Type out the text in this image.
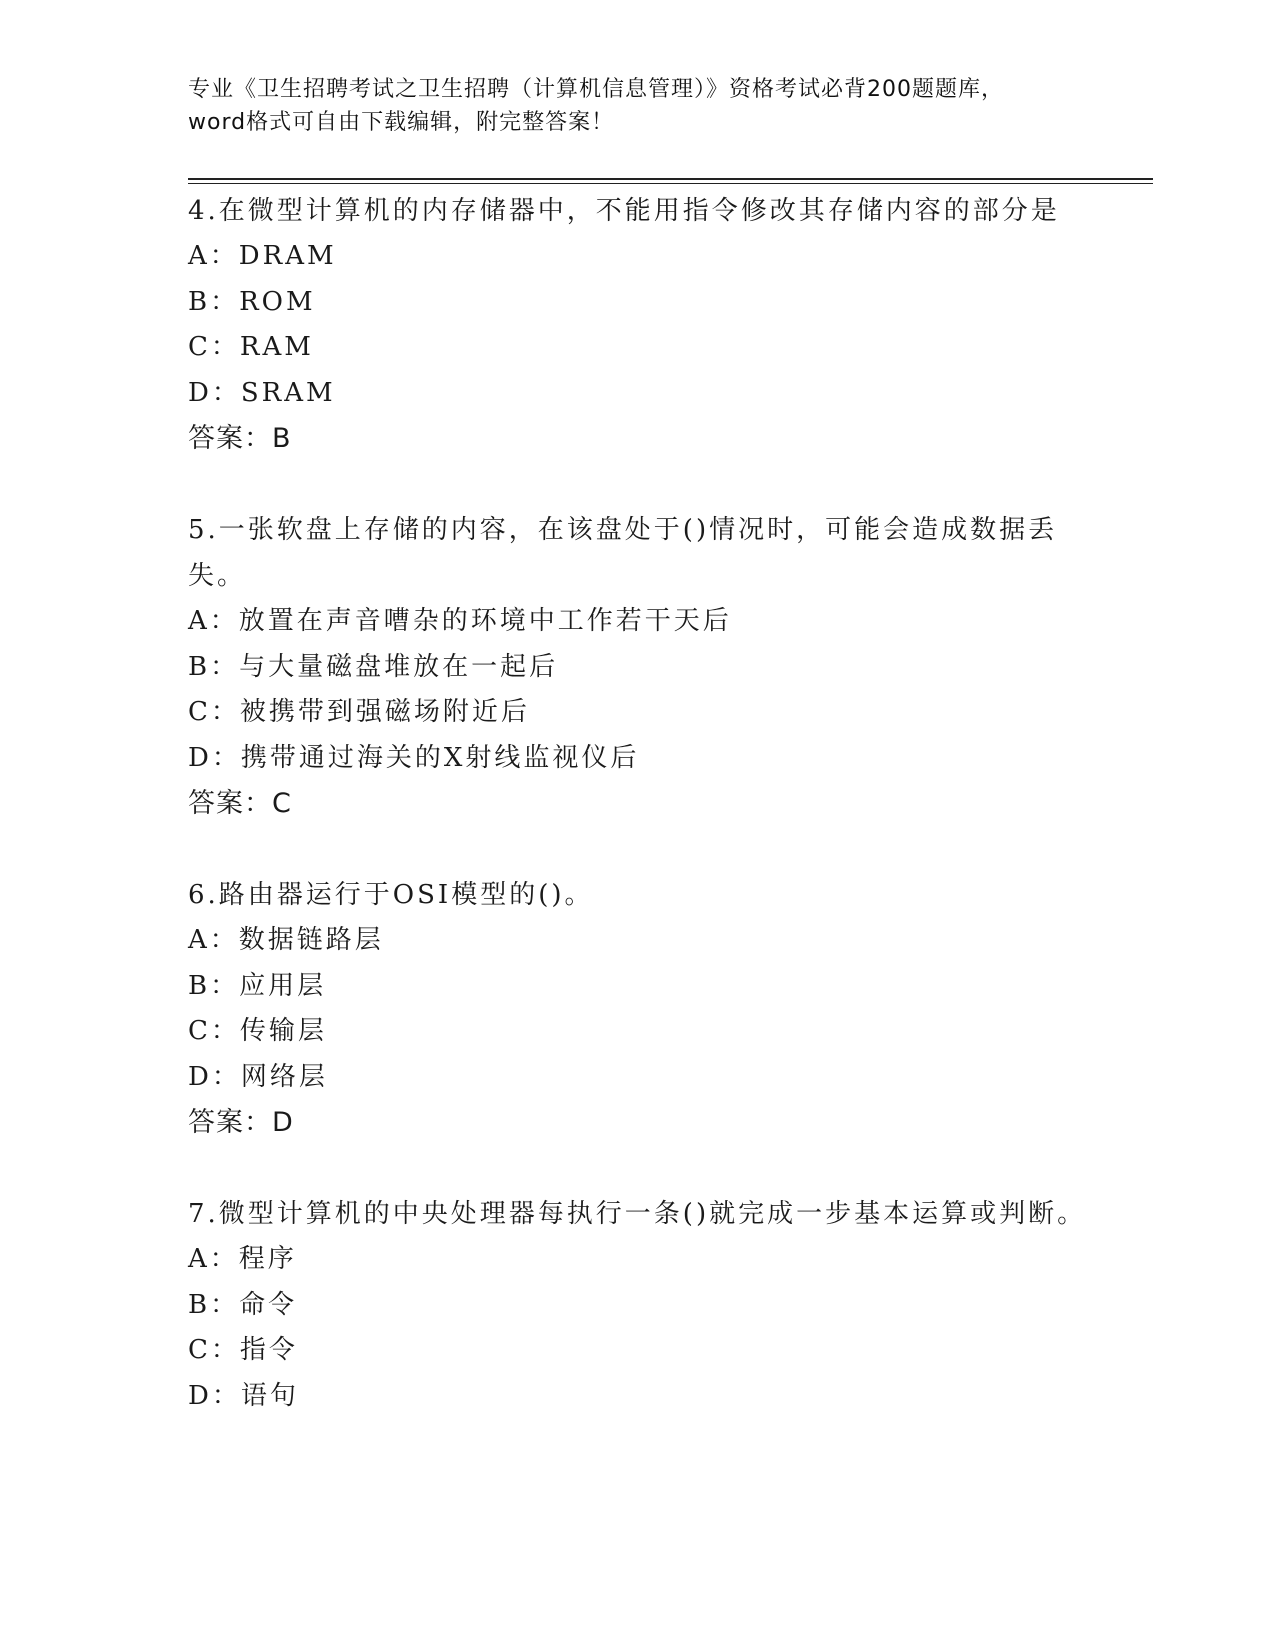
专业《卫生招聘考试之卫生招聘（计算机信息管理）》资格考试必背200题题库，
word格式可自由下载编辑，附完整答案！

4.在微型计算机的内存储器中，不能用指令修改其存储内容的部分是

A：DRAM

B：ROM

C：RAM

D：SRAM

答案：B

5.一张软盘上存储的内容，在该盘处于()情况时，可能会造成数据丢失。

A：放置在声音嘈杂的环境中工作若干天后

B：与大量磁盘堆放在一起后

C：被携带到强磁场附近后

D：携带通过海关的X射线监视仪后

答案：C

6.路由器运行于OSI模型的()。

A：数据链路层

B：应用层

C：传输层

D：网络层

答案：D

7.微型计算机的中央处理器每执行一条()就完成一步基本运算或判断。

A：程序

B：命令

C：指令

D：语句
